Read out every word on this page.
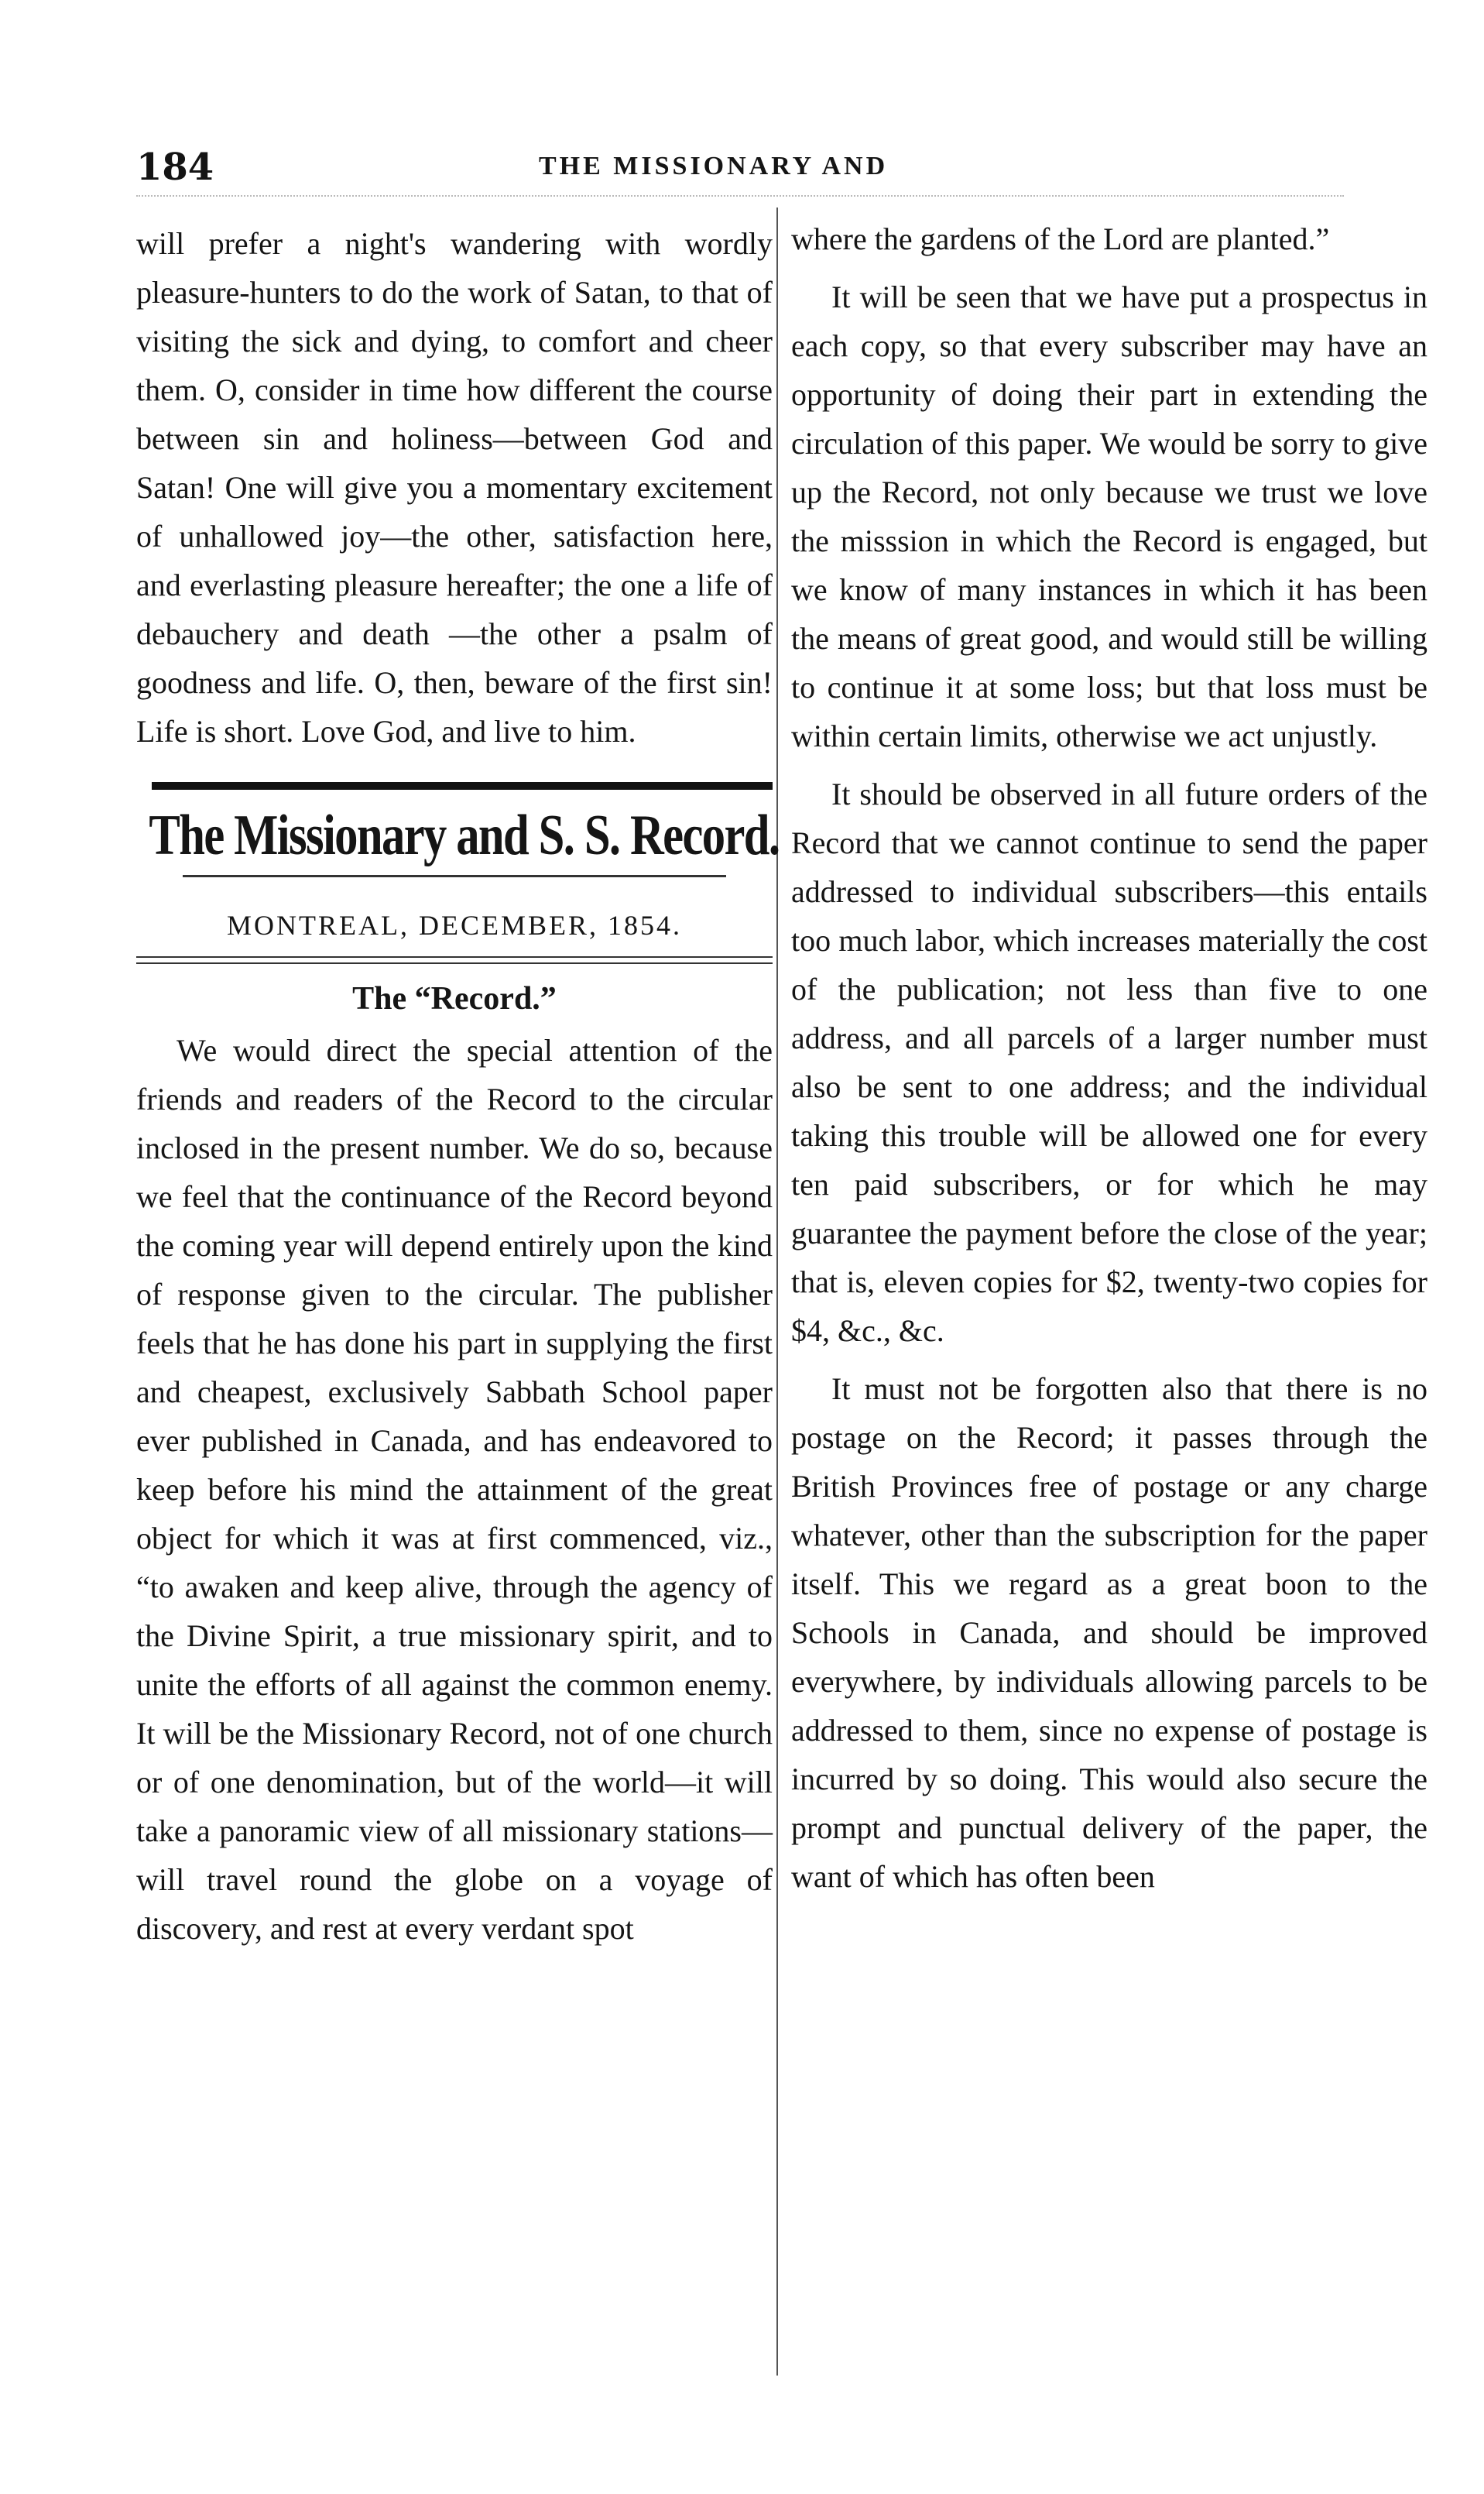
184	THE MISSIONARY AND

will prefer a night's wandering with wordly pleasure-hunters to do the work of Satan, to that of visiting the sick and dying, to comfort and cheer them. O, consider in time how different the course between sin and holiness—between God and Satan! One will give you a momentary excitement of unhallowed joy—the other, satisfaction here, and everlasting pleasure hereafter; the one a life of debauchery and death —the other a psalm of goodness and life. O, then, beware of the first sin! Life is short. Love God, and live to him.

The Missionary and S. S. Record.
MONTREAL, DECEMBER, 1854.
The “Record.”

We would direct the special attention of the friends and readers of the Record to the circular inclosed in the present number. We do so, because we feel that the continuance of the Record beyond the coming year will depend entirely upon the kind of response given to the circular. The publisher feels that he has done his part in supplying the first and cheapest, exclusively Sabbath School paper ever published in Canada, and has endeavored to keep before his mind the attainment of the great object for which it was at first commenced, viz., “to awaken and keep alive, through the agency of the Divine Spirit, a true missionary spirit, and to unite the efforts of all against the common enemy. It will be the Missionary Record, not of one church or of one denomination, but of the world—it will take a panoramic view of all missionary stations—will travel round the globe on a voyage of discovery, and rest at every verdant spot

where the gardens of the Lord are planted.”

It will be seen that we have put a prospectus in each copy, so that every subscriber may have an opportunity of doing their part in extending the circulation of this paper. We would be sorry to give up the Record, not only because we trust we love the misssion in which the Record is engaged, but we know of many instances in which it has been the means of great good, and would still be willing to continue it at some loss; but that loss must be within certain limits, otherwise we act unjustly.

It should be observed in all future orders of the Record that we cannot continue to send the paper addressed to individual subscribers—this entails too much labor, which increases materially the cost of the publication; not less than five to one address, and all parcels of a larger number must also be sent to one address; and the individual taking this trouble will be allowed one for every ten paid subscribers, or for which he may guarantee the payment before the close of the year; that is, eleven copies for $2, twenty-two copies for $4, &c., &c.

It must not be forgotten also that there is no postage on the Record; it passes through the British Provinces free of postage or any charge whatever, other than the subscription for the paper itself. This we regard as a great boon to the Schools in Canada, and should be improved everywhere, by individuals allowing parcels to be addressed to them, since no expense of postage is incurred by so doing. This would also secure the prompt and punctual delivery of the paper, the want of which has often been
